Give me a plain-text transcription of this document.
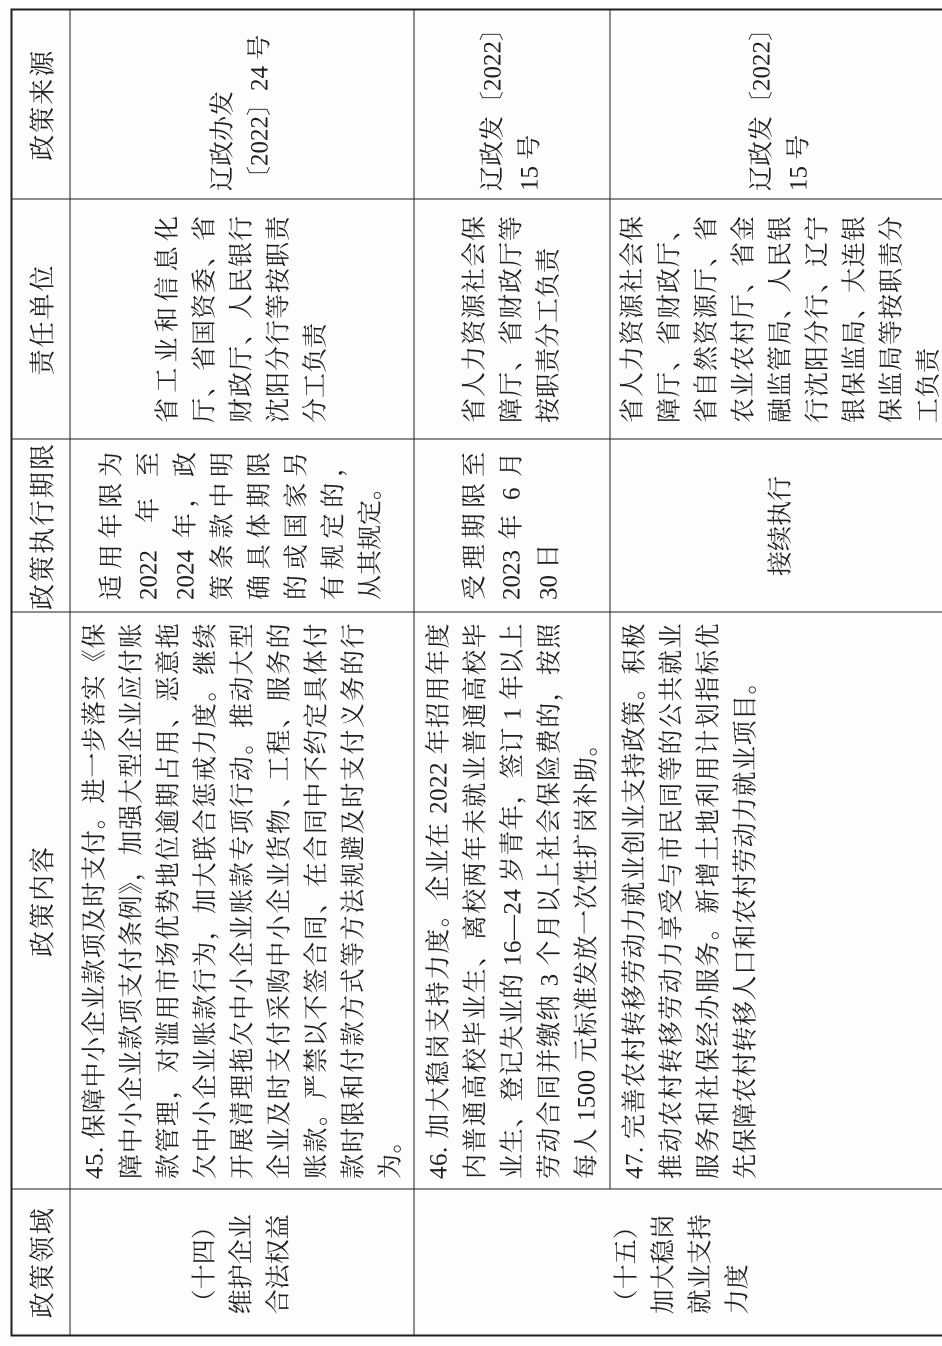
政策领域	政策内容	政策执行期限	责任单位	政策来源

（十四）维护企业合法权益	45. 保障中小企业款项及时支付。进一步落实《保障中小企业款项支付条例》，加强大型企业应付账款管理，对滥用市场优势地位逾期占用、恶意拖欠中小企业账款行为，加大联合惩戒力度。继续开展清理拖欠中小企业账款专项行动。推动大型企业及时支付采购中小企业货物、工程、服务的账款。严禁以不签合同、在合同中不约定具体付款时限和付款方式等方法规避及时支付义务的行为。	适用年限为 2022 年至 2024 年，政策条款中明确具体期限的或国家另有规定的，从其规定。	省工业和信息化厅、省国资委、省财政厅、人民银行沈阳分行等按职责分工负责	辽政办发〔2022〕24 号

（十五）加大稳岗就业支持力度	46. 加大稳岗支持力度。企业在 2022 年招用年度内普通高校毕业生、离校两年未就业普通高校毕业生、登记失业的 16—24 岁青年，签订 1 年以上劳动合同并缴纳 3 个月以上社会保险费的，按照每人 1500 元标准发放一次性扩岗补助。	受理期限至 2023 年 6 月 30 日	省人力资源社会保障厅、省财政厅等按职责分工负责	辽政发〔2022〕15 号
	47. 完善农村转移劳动力就业创业支持政策。积极推动农村转移劳动力享受与市民同等的公共就业服务和社保经办服务。新增土地利用计划指标优先保障农村转移人口和农村劳动力就业项目。	接续执行	省人力资源社会保障厅、省财政厅、省自然资源厅、省农业农村厅、省金融监管局、人民银行沈阳分行、辽宁银保监局、大连银保监局等按职责分工负责	辽政发〔2022〕15 号
